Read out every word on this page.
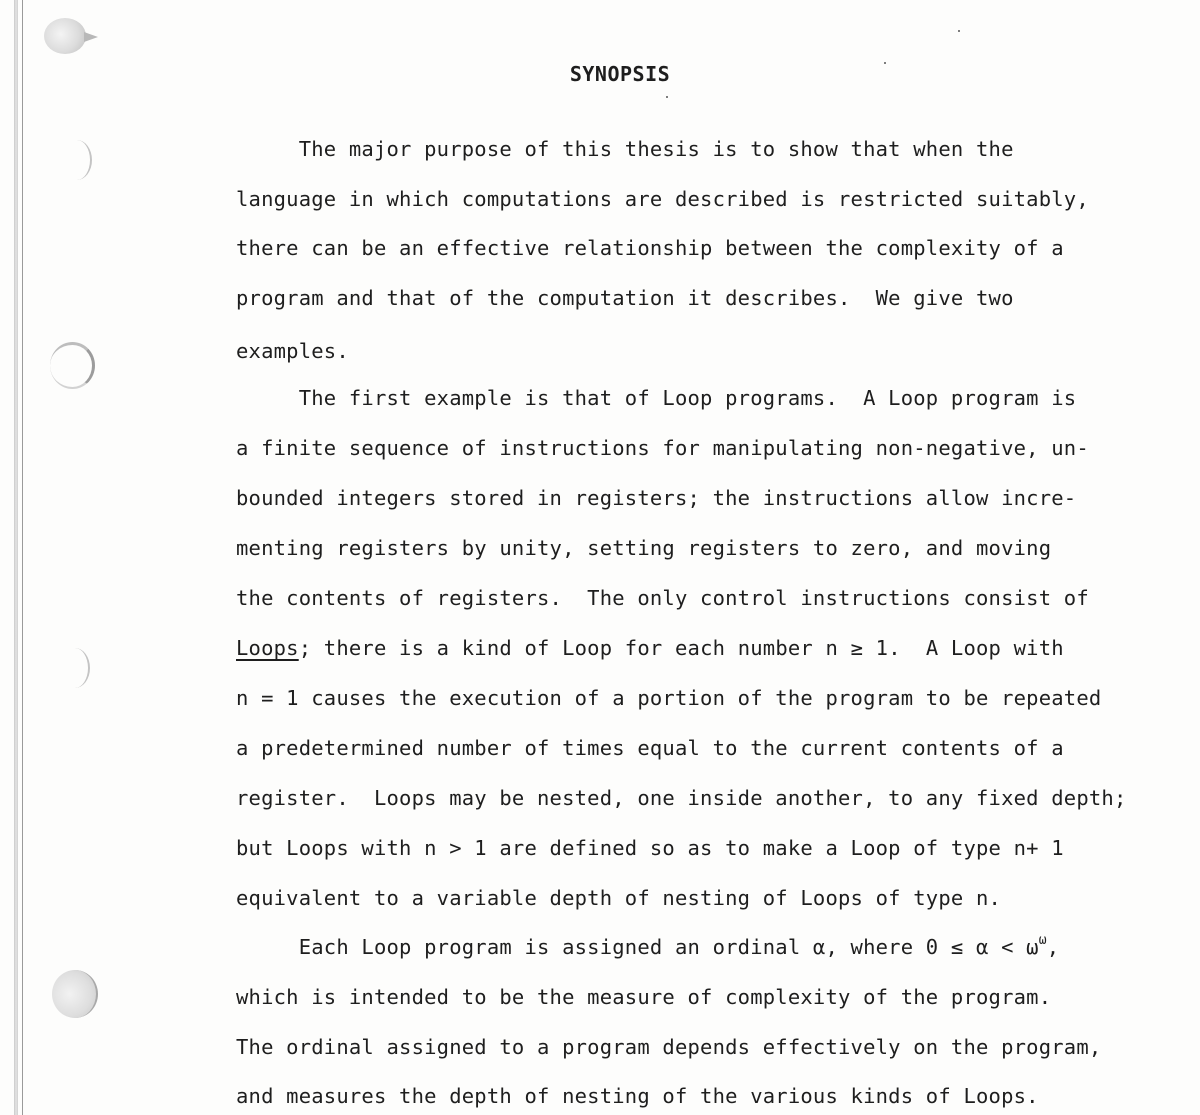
SYNOPSIS

The major purpose of this thesis is to show that when the

language in which computations are described is restricted suitably,

there can be an effective relationship between the complexity of a

program and that of the computation it describes.  We give two

examples.

The first example is that of Loop programs.  A Loop program is

a finite sequence of instructions for manipulating non-negative, un-

bounded integers stored in registers; the instructions allow incre-

menting registers by unity, setting registers to zero, and moving

the contents of registers.  The only control instructions consist of

Loops; there is a kind of Loop for each number n ≥ 1.  A Loop with

n = 1 causes the execution of a portion of the program to be repeated

a predetermined number of times equal to the current contents of a

register.  Loops may be nested, one inside another, to any fixed depth;

but Loops with n > 1 are defined so as to make a Loop of type n+ 1

equivalent to a variable depth of nesting of Loops of type n.

Each Loop program is assigned an ordinal α, where $0 \le \alpha < \omega^\omega$,

which is intended to be the measure of complexity of the program.

The ordinal assigned to a program depends effectively on the program,

and measures the depth of nesting of the various kinds of Loops.
